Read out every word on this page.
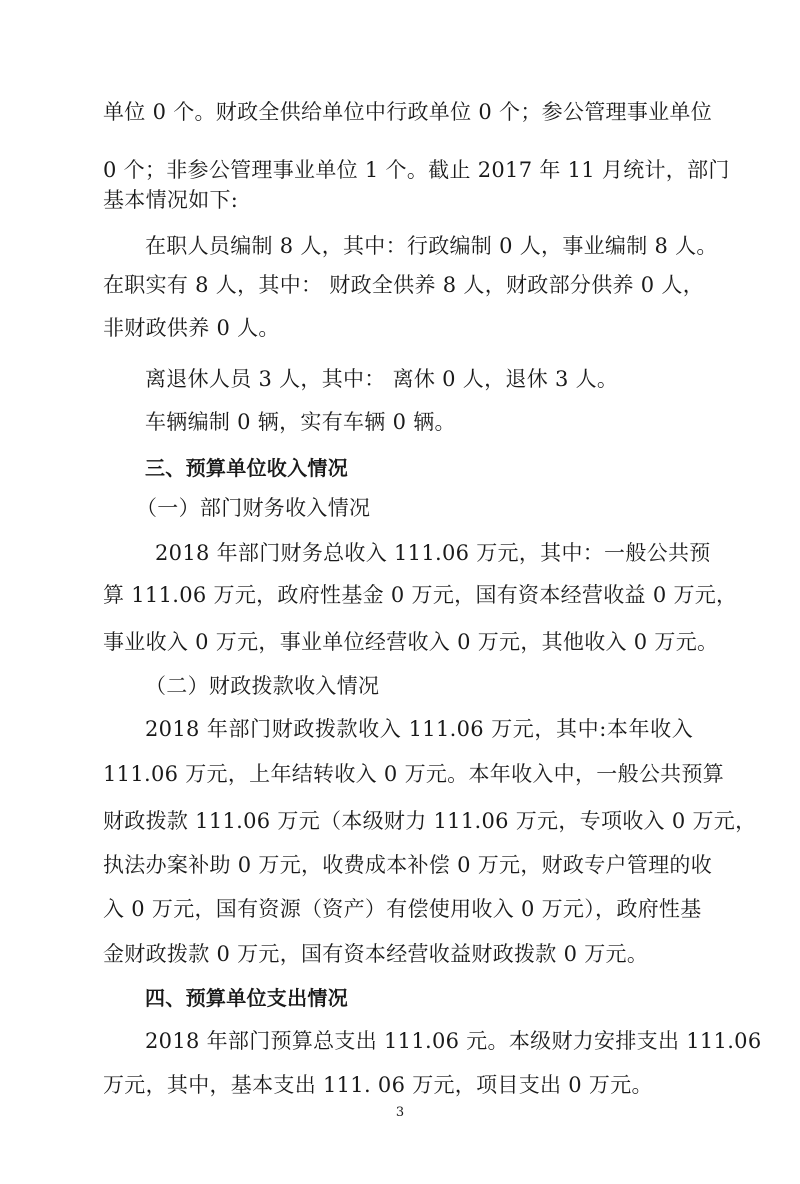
单位 0 个。财政全供给单位中行政单位 0 个；参公管理事业单位
0 个；非参公管理事业单位 1 个。截止 2017 年 11 月统计，部门
基本情况如下:
在职人员编制 8 人，其中：行政编制 0 人，事业编制 8 人。
在职实有 8 人，其中： 财政全供养 8 人，财政部分供养 0 人，
非财政供养 0 人。
离退休人员 3 人，其中： 离休 0 人，退休 3 人。
车辆编制 0 辆，实有车辆 0 辆。
三、预算单位收入情况
（一）部门财务收入情况
2018 年部门财务总收入 111.06 万元，其中：一般公共预
算 111.06 万元，政府性基金 0 万元，国有资本经营收益 0 万元，
事业收入 0 万元，事业单位经营收入 0 万元，其他收入 0 万元。
（二）财政拨款收入情况
2018 年部门财政拨款收入 111.06 万元，其中:本年收入
111.06 万元，上年结转收入 0 万元。本年收入中，一般公共预算
财政拨款 111.06 万元（本级财力 111.06 万元，专项收入 0 万元，
执法办案补助 0 万元，收费成本补偿 0 万元，财政专户管理的收
入 0 万元，国有资源（资产）有偿使用收入 0 万元），政府性基
金财政拨款 0 万元，国有资本经营收益财政拨款 0 万元。
四、预算单位支出情况
2018 年部门预算总支出 111.06 元。本级财力安排支出 111.06
万元，其中，基本支出 111. 06 万元，项目支出 0 万元。
3
